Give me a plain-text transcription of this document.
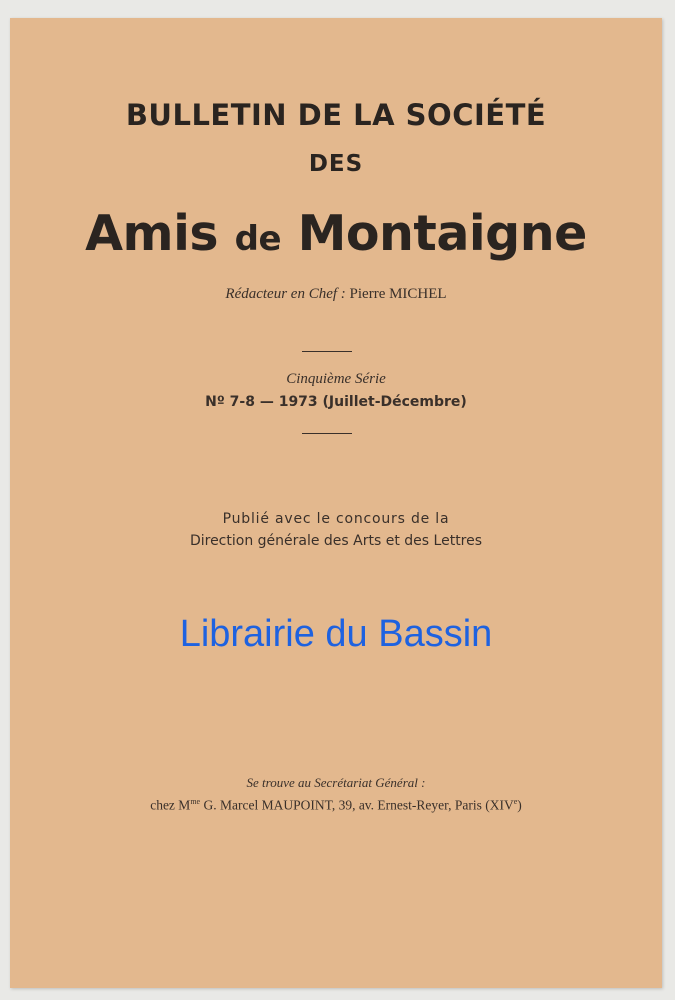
BULLETIN DE LA SOCIÉTÉ
DES
Amis de Montaigne
Rédacteur en Chef : Pierre MICHEL
Cinquième Série
Nº 7-8 — 1973 (Juillet-Décembre)
Publié avec le concours de la
Direction générale des Arts et des Lettres
Librairie du Bassin
Se trouve au Secrétariat Général :
chez $M^{me}$ G. Marcel MAUPOINT, 39, av. Ernest-Reyer, Paris (XIVe)
